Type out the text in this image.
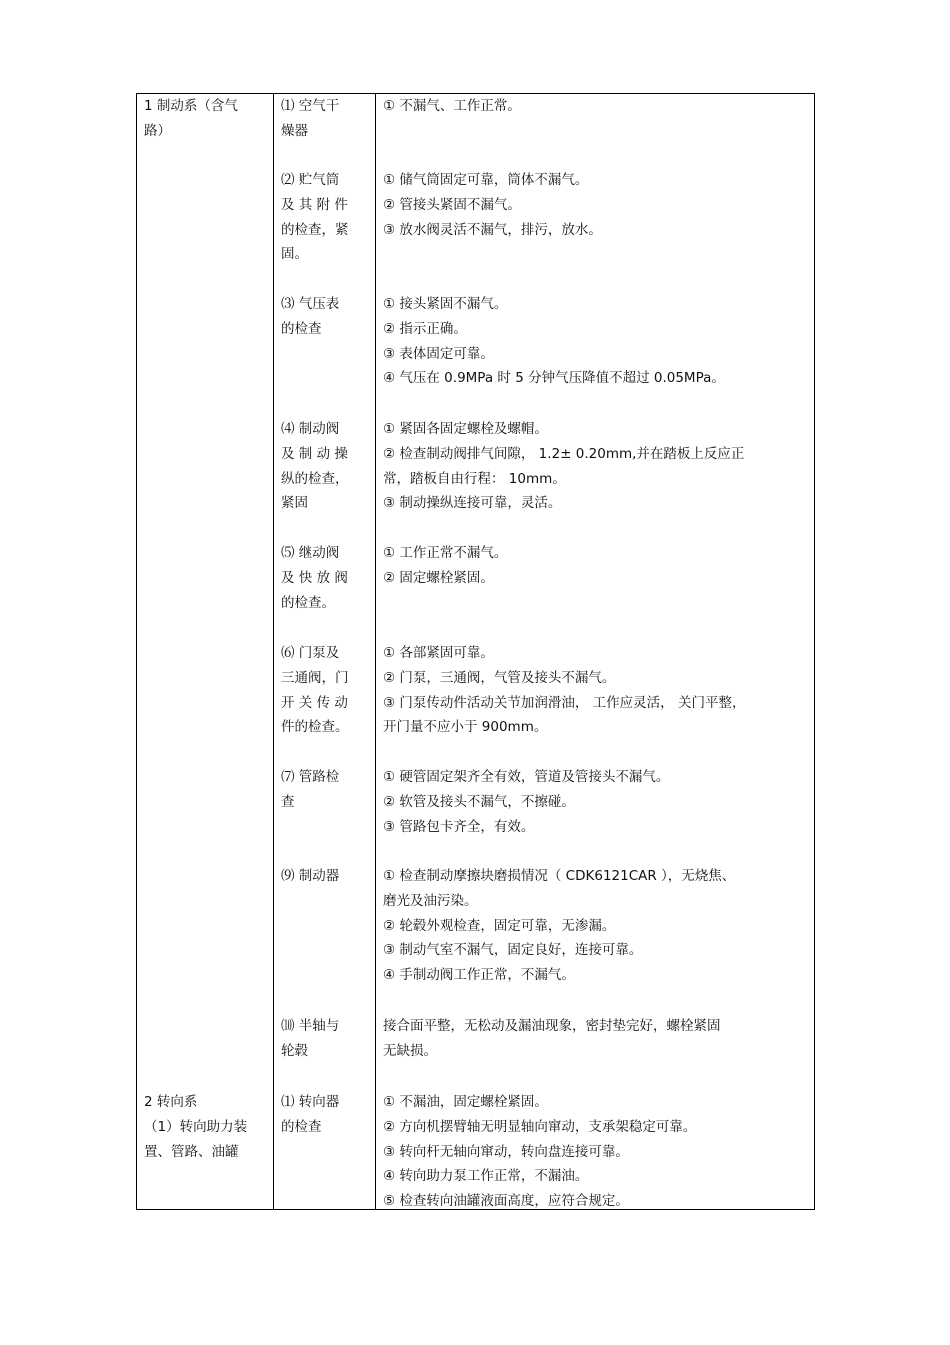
1 制动系（含气
路）
⑴ 空气干
燥器
① 不漏气、工作正常。
⑵ 贮气筒
及 其 附 件
的检查，紧
固。
① 储气筒固定可靠，筒体不漏气。
② 管接头紧固不漏气。
③ 放水阀灵活不漏气，排污，放水。
⑶ 气压表
的检查
① 接头紧固不漏气。
② 指示正确。
③ 表体固定可靠。
④ 气压在 0.9MPa 时 5 分钟气压降值不超过 0.05MPa。
⑷ 制动阀
及 制 动 操
纵的检查，
紧固
① 紧固各固定螺栓及螺帽。
② 检查制动阀排气间隙， 1.2± 0.20mm,并在踏板上反应正
常，踏板自由行程： 10mm。
③ 制动操纵连接可靠，灵活。
⑸ 继动阀
及 快 放 阀
的检查。
① 工作正常不漏气。
② 固定螺栓紧固。
⑹ 门泵及
三通阀，门
开 关 传 动
件的检查。
① 各部紧固可靠。
② 门泵，三通阀，气管及接头不漏气。
③ 门泵传动件活动关节加润滑油， 工作应灵活， 关门平整，
开门量不应小于 900mm。
⑺ 管路检
查
① 硬管固定架齐全有效，管道及管接头不漏气。
② 软管及接头不漏气，不擦碰。
③ 管路包卡齐全，有效。
⑼ 制动器	① 检查制动摩擦块磨损情况（ CDK6121CAR ），无烧焦、
磨光及油污染。
② 轮毂外观检查，固定可靠，无渗漏。
③ 制动气室不漏气，固定良好，连接可靠。
④ 手制动阀工作正常，不漏气。
⑽ 半轴与
轮毂
接合面平整，无松动及漏油现象，密封垫完好，螺栓紧固
无缺损。
2 转向系
（1）转向助力装
置、管路、油罐
⑴ 转向器
的检查
① 不漏油，固定螺栓紧固。
② 方向机摆臂轴无明显轴向窜动，支承架稳定可靠。
③ 转向杆无轴向窜动，转向盘连接可靠。
④ 转向助力泵工作正常，不漏油。
⑤ 检查转向油罐液面高度，应符合规定。
